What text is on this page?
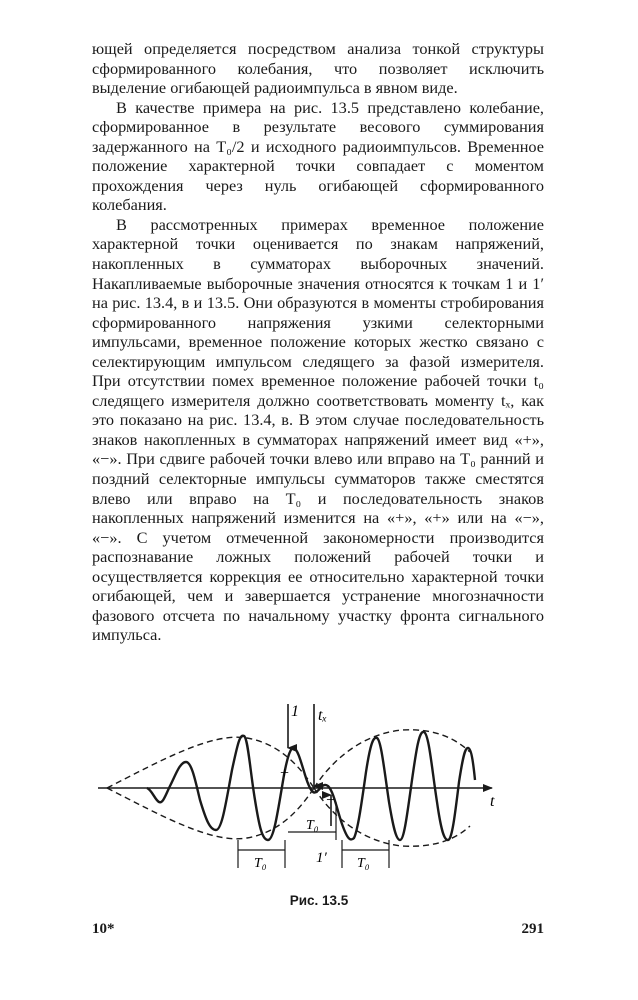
ющей определяется посредством анализа тонкой структуры сформированного колебания, что позволяет исключить выделение огибающей радиоимпульса в явном виде.

В качестве примера на рис. 13.5 представлено колебание, сформированное в результате весового суммирования задержанного на T₀/2 и исходного радиоимпульсов. Временное положение характерной точки совпадает с моментом прохождения через нуль огибающей сформированного колебания.

В рассмотренных примерах временное положение характерной точки оценивается по знакам напряжений, накопленных в сумматорах выборочных значений. Накапливаемые выборочные значения относятся к точкам 1 и 1′ на рис. 13.4, в и 13.5. Они образуются в моменты стробирования сформированного напряжения узкими селекторными импульсами, временное положение которых жестко связано с селектирующим импульсом следящего за фазой измерителя. При отсутствии помех временное положение рабочей точки t₀ следящего измерителя должно соответствовать моменту tₓ, как это показано на рис. 13.4, в. В этом случае последовательность знаков накопленных в сумматорах напряжений имеет вид «+», «−». При сдвиге рабочей точки влево или вправо на T₀ ранний и поздний селекторные импульсы сумматоров также сместятся влево или вправо на T₀ и последовательность знаков накопленных напряжений изменится на «+», «+» или на «−», «−». С учетом отмеченной закономерности производится распознавание ложных положений рабочей точки и осуществляется коррекция ее относительно характерной точки огибающей, чем и завершается устранение многозначности фазового отсчета по начальному участку фронта сигнального импульса.

1 tₓ
t
+
−
T₀
T₀	1′ T₀
Рис. 13.5
10*	291
